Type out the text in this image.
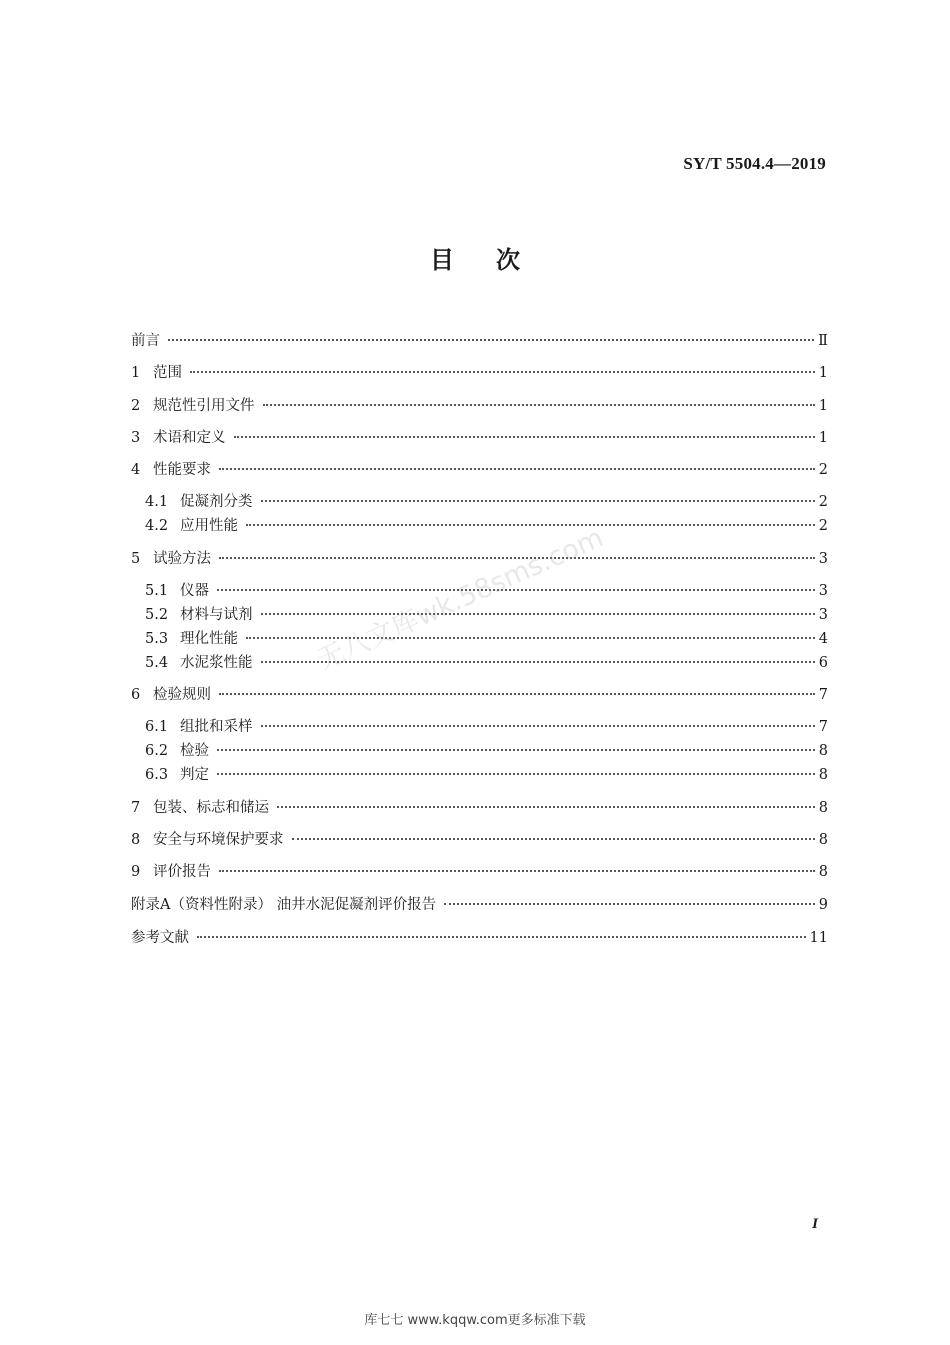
SY/T 5504.4—2019
目次
前言	Ⅱ
1 范围	1
2 规范性引用文件	1
3 术语和定义	1
4 性能要求	2
4.1 促凝剂分类	2
4.2 应用性能	2
5 试验方法	3
5.1 仪器	3
5.2 材料与试剂	3
5.3 理化性能	4
5.4 水泥浆性能	6
6 检验规则	7
6.1 组批和采样	7
6.2 检验	8
6.3 判定	8
7 包装、标志和储运	8
8 安全与环境保护要求	8
9 评价报告	8
附录A（资料性附录） 油井水泥促凝剂评价报告	9
参考文献	11
无八文库wk.58sms.com
I
库七七 www.kqqw.com更多标准下载
